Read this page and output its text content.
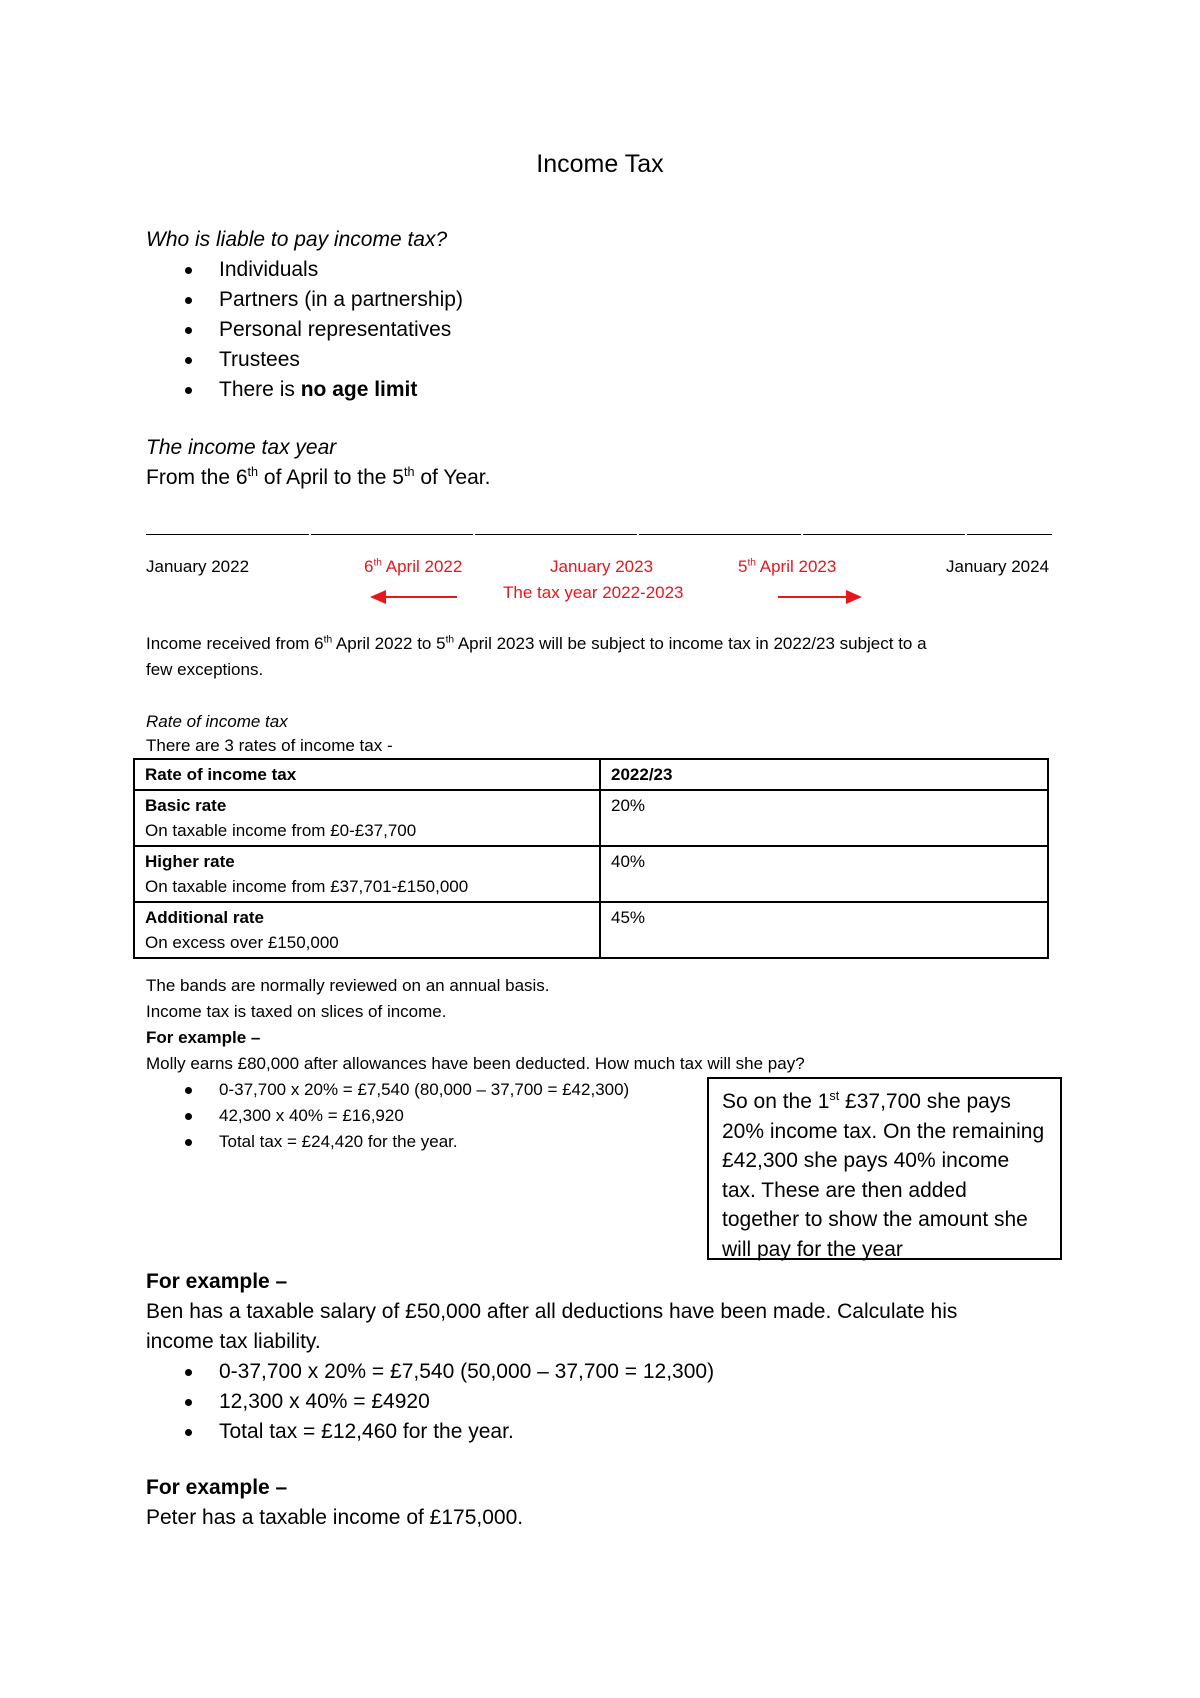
Income Tax
Who is liable to pay income tax?
Individuals
Partners (in a partnership)
Personal representatives
Trustees
There is no age limit
The income tax year
From the 6th of April to the 5th of Year.
January 2022	6th April 2022	January 2023	5th April 2023	January 2024
The tax year 2022-2023
Income received from 6th April 2022 to 5th April 2023 will be subject to income tax in 2022/23 subject to a
few exceptions.
Rate of income tax
There are 3 rates of income tax -
Rate of income tax	2022/23

Basic rate
On taxable income from £0-£37,700	20%

Higher rate
On taxable income from £37,701-£150,000	40%

Additional rate
On excess over £150,000	45%
The bands are normally reviewed on an annual basis.
Income tax is taxed on slices of income.
For example –
Molly earns £80,000 after allowances have been deducted. How much tax will she pay?
0-37,700 x 20% = £7,540 (80,000 – 37,700 = £42,300)
42,300 x 40% = £16,920
Total tax = £24,420 for the year.
So on the 1st £37,700 she pays 20% income tax. On the remaining £42,300 she pays 40% income tax. These are then added together to show the amount she will pay for the year
For example –
Ben has a taxable salary of £50,000 after all deductions have been made. Calculate his
income tax liability.
0-37,700 x 20% = £7,540 (50,000 – 37,700 = 12,300)
12,300 x 40% = £4920
Total tax = £12,460 for the year.
For example –
Peter has a taxable income of £175,000.
